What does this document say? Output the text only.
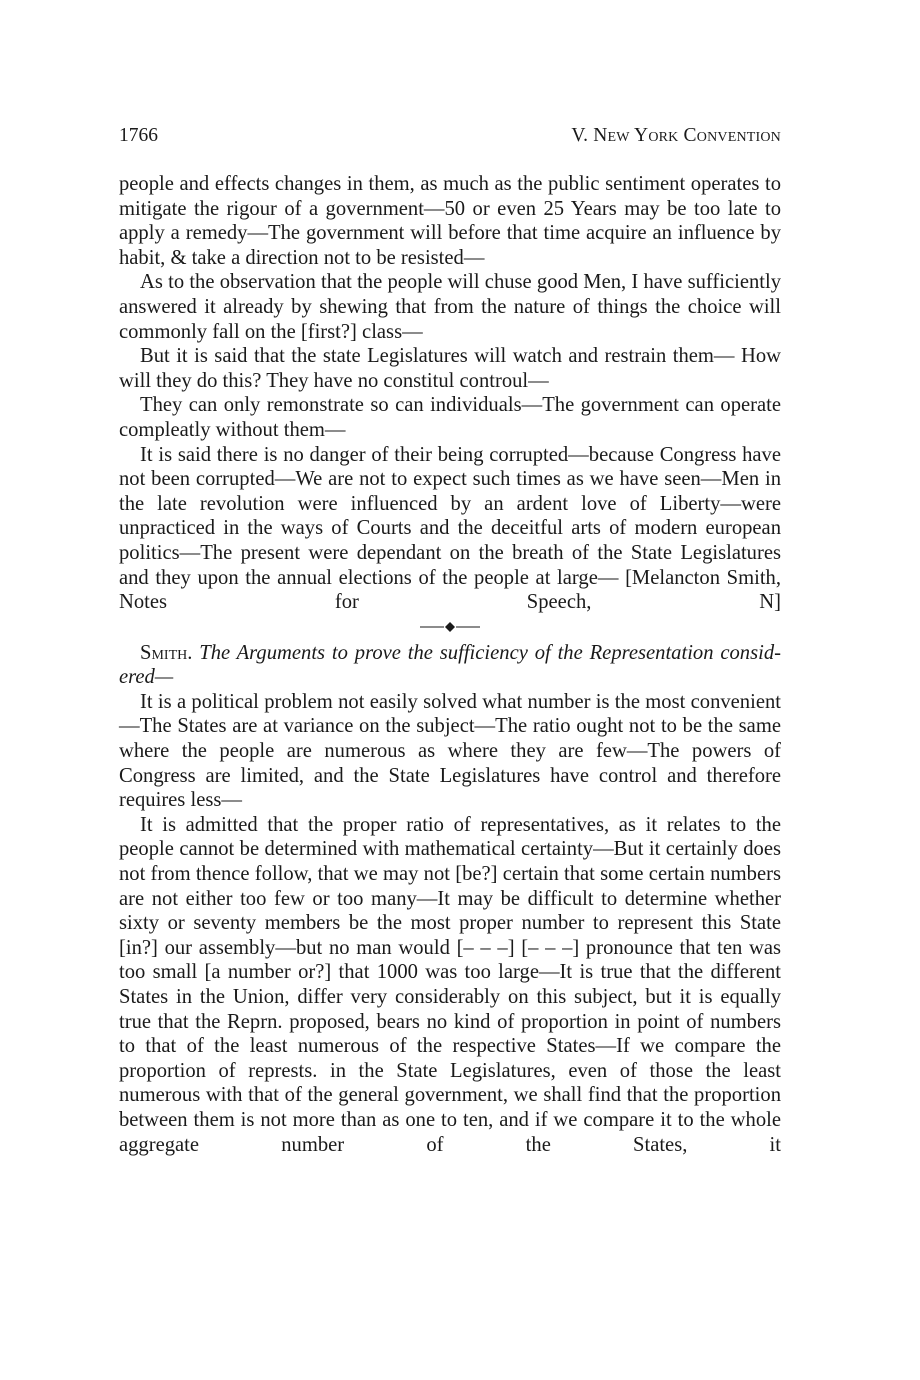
1766	V. New York Convention

people and effects changes in them, as much as the public sentiment operates to mitigate the rigour of a government—50 or even 25 Years may be too late to apply a remedy—The government will before that time acquire an influence by habit, & take a direction not to be resisted—

As to the observation that the people will chuse good Men, I have sufficiently answered it already by shewing that from the nature of things the choice will commonly fall on the [first?] class—

But it is said that the state Legislatures will watch and restrain them— How will they do this? They have no constitul controul—

They can only remonstrate so can individuals—The government can operate compleatly without them—

It is said there is no danger of their being corrupted—because Congress have not been corrupted—We are not to expect such times as we have seen—Men in the late revolution were influenced by an ardent love of Liberty—were unpracticed in the ways of Courts and the deceitful arts of modern european politics—The present were dependant on the breath of the State Legislatures and they upon the annual elections of the people at large— [Melancton Smith, Notes for Speech, N]

Smith. The Arguments to prove the sufficiency of the Representation considered—

It is a political problem not easily solved what number is the most convenient—The States are at variance on the subject—The ratio ought not to be the same where the people are numerous as where they are few—The powers of Congress are limited, and the State Legislatures have control and therefore requires less—

It is admitted that the proper ratio of representatives, as it relates to the people cannot be determined with mathematical certainty—But it certainly does not from thence follow, that we may not [be?] certain that some certain numbers are not either too few or too many—It may be difficult to determine whether sixty or seventy members be the most proper number to represent this State [in?] our assembly—but no man would [– – –] [– – –] pronounce that ten was too small [a number or?] that 1000 was too large—It is true that the different States in the Union, differ very considerably on this subject, but it is equally true that the Reprn. proposed, bears no kind of proportion in point of numbers to that of the least numerous of the respective States—If we compare the proportion of represts. in the State Legislatures, even of those the least numerous with that of the general government, we shall find that the proportion between them is not more than as one to ten, and if we compare it to the whole aggregate number of the States, it
